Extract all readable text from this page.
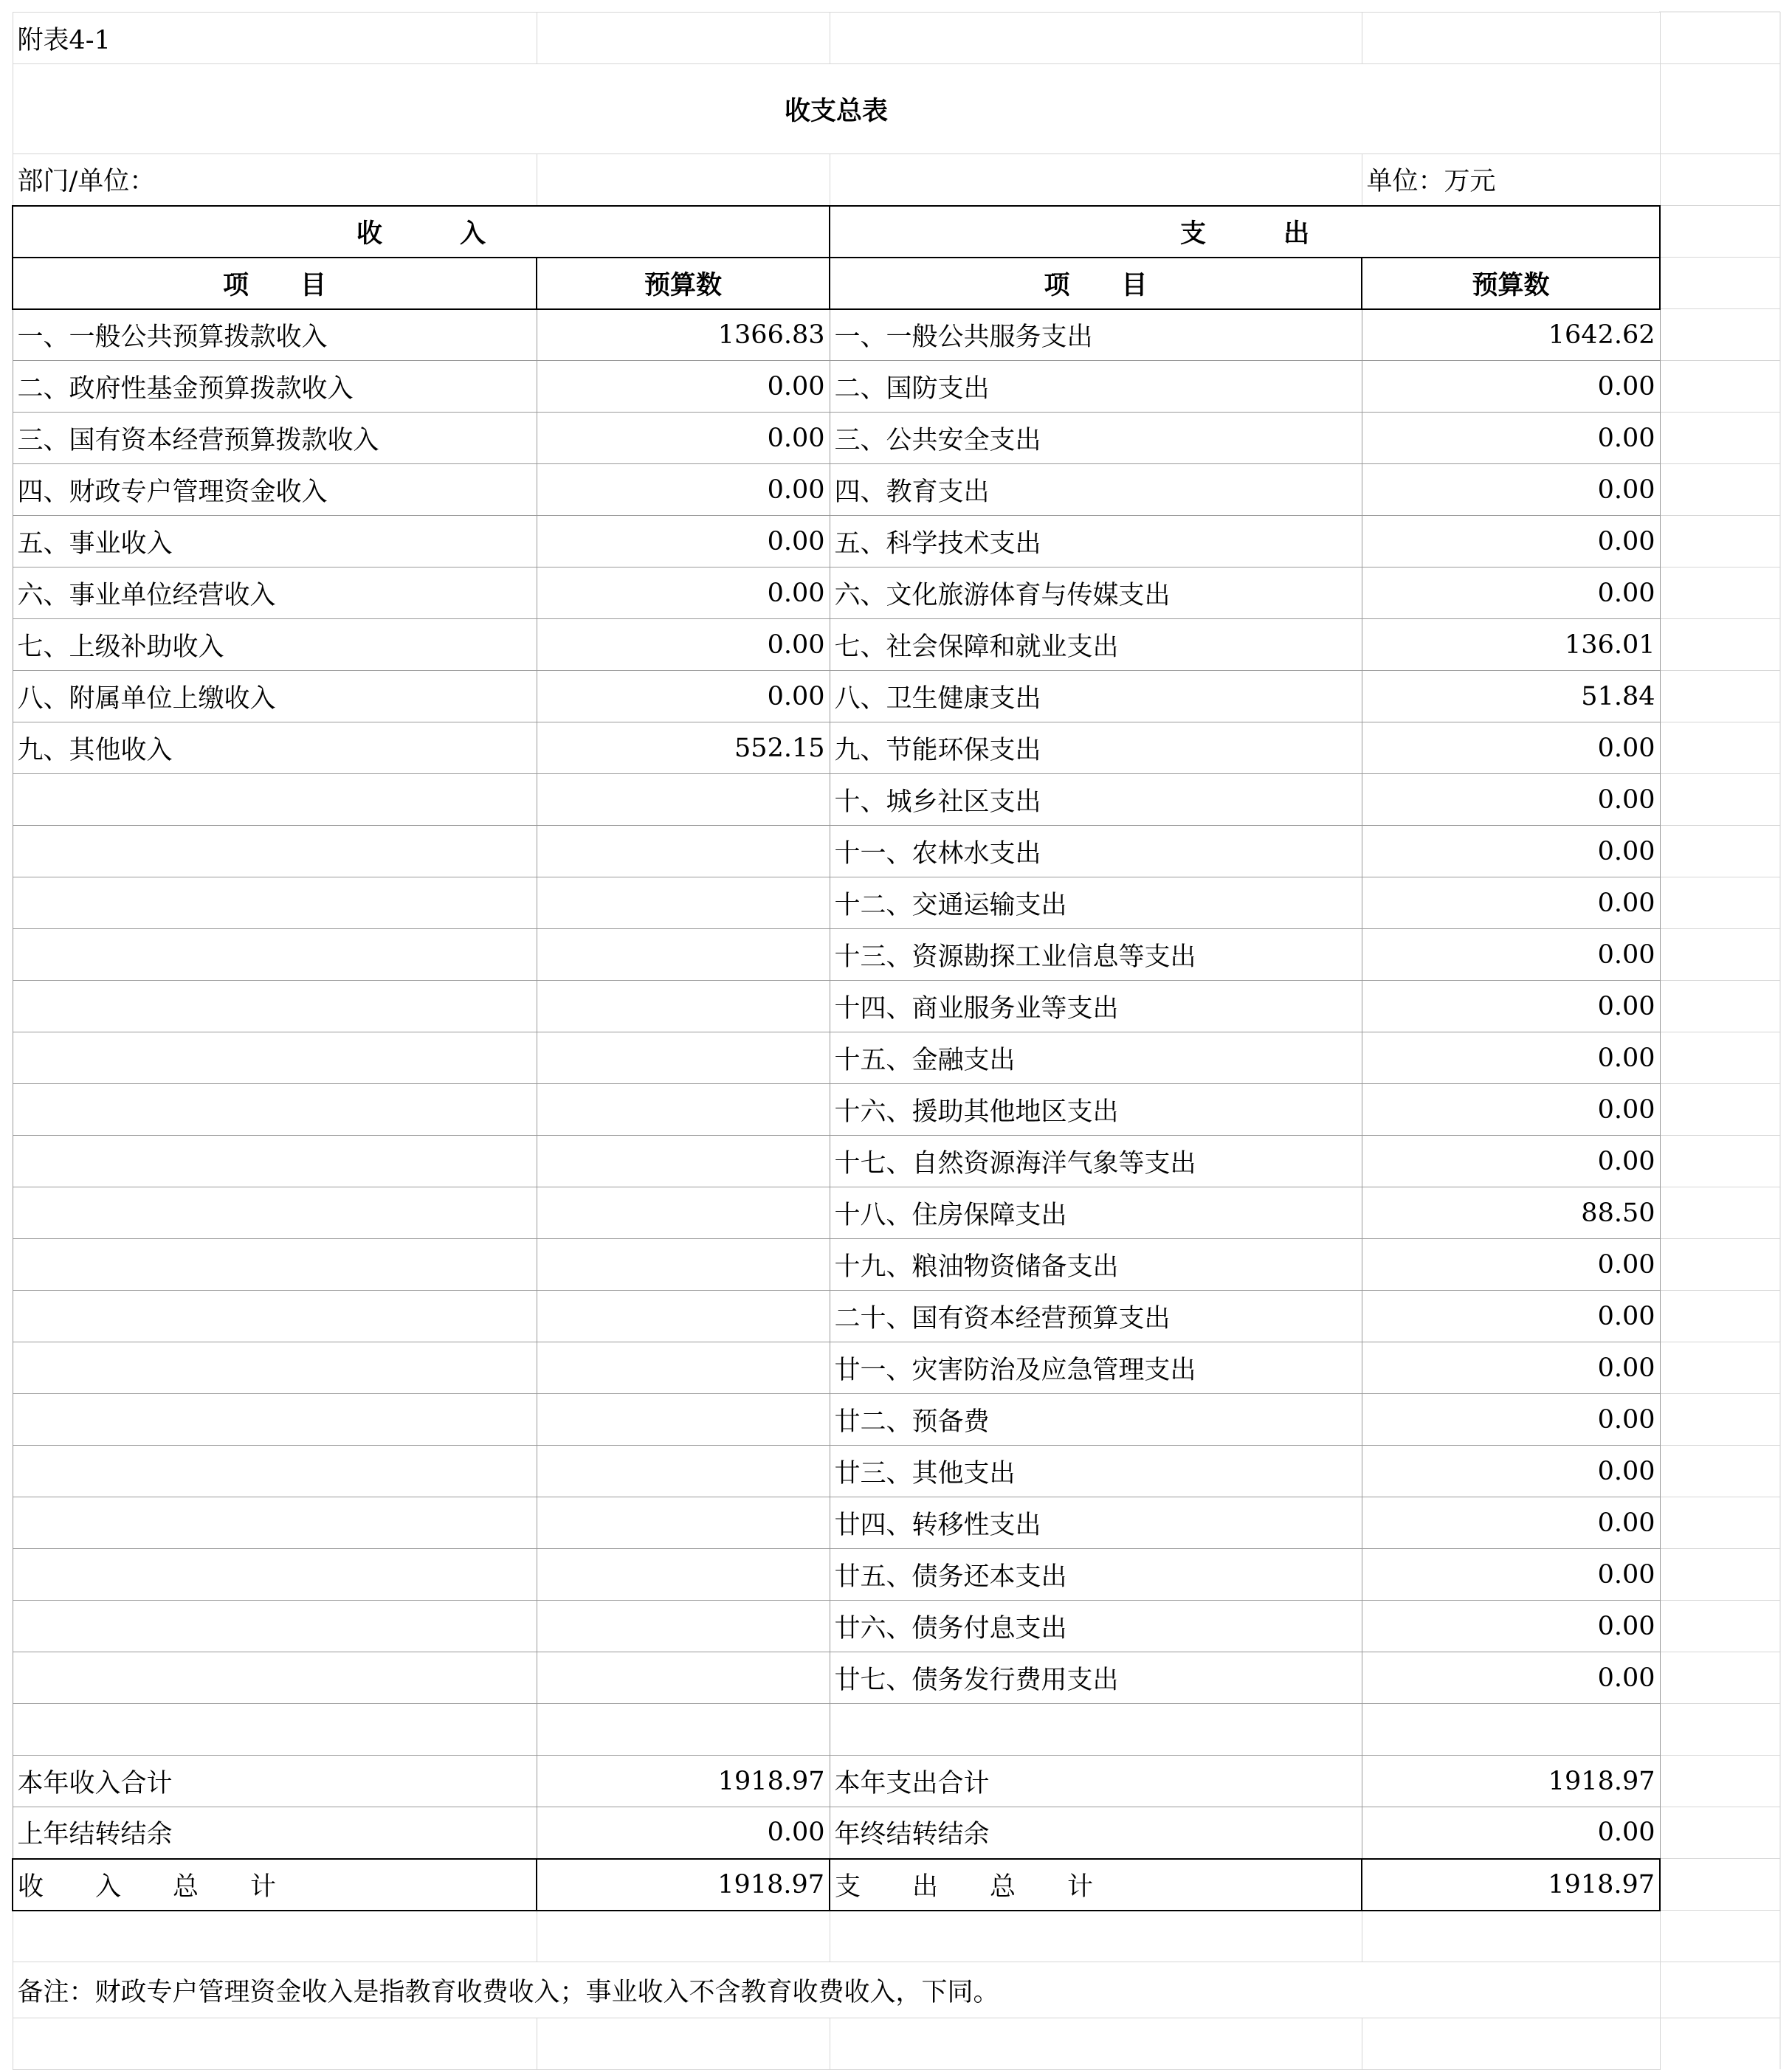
附表4-1			
收支总表			
部门/单位：			单位：万元
收　　　入		支　　　出	
项　　目	预算数	项　　目	预算数
一、一般公共预算拨款收入	1366.83	一、一般公共服务支出	1642.62
二、政府性基金预算拨款收入	0.00	二、国防支出	0.00
三、国有资本经营预算拨款收入	0.00	三、公共安全支出	0.00
四、财政专户管理资金收入	0.00	四、教育支出	0.00
五、事业收入	0.00	五、科学技术支出	0.00
六、事业单位经营收入	0.00	六、文化旅游体育与传媒支出	0.00
七、上级补助收入	0.00	七、社会保障和就业支出	136.01
八、附属单位上缴收入	0.00	八、卫生健康支出	51.84
九、其他收入	552.15	九、节能环保支出	0.00
		十、城乡社区支出	0.00
		十一、农林水支出	0.00
		十二、交通运输支出	0.00
		十三、资源勘探工业信息等支出	0.00
		十四、商业服务业等支出	0.00
		十五、金融支出	0.00
		十六、援助其他地区支出	0.00
		十七、自然资源海洋气象等支出	0.00
		十八、住房保障支出	88.50
		十九、粮油物资储备支出	0.00
		二十、国有资本经营预算支出	0.00
		廿一、灾害防治及应急管理支出	0.00
		廿二、预备费	0.00
		廿三、其他支出	0.00
		廿四、转移性支出	0.00
		廿五、债务还本支出	0.00
		廿六、债务付息支出	0.00
		廿七、债务发行费用支出	0.00

本年收入合计	1918.97	本年支出合计	1918.97
上年结转结余	0.00	年终结转结余	0.00
收　　入　　总　　计	1918.97	支　　出　　总　　计	1918.97

备注：财政专户管理资金收入是指教育收费收入；事业收入不含教育收费收入，下同。			
